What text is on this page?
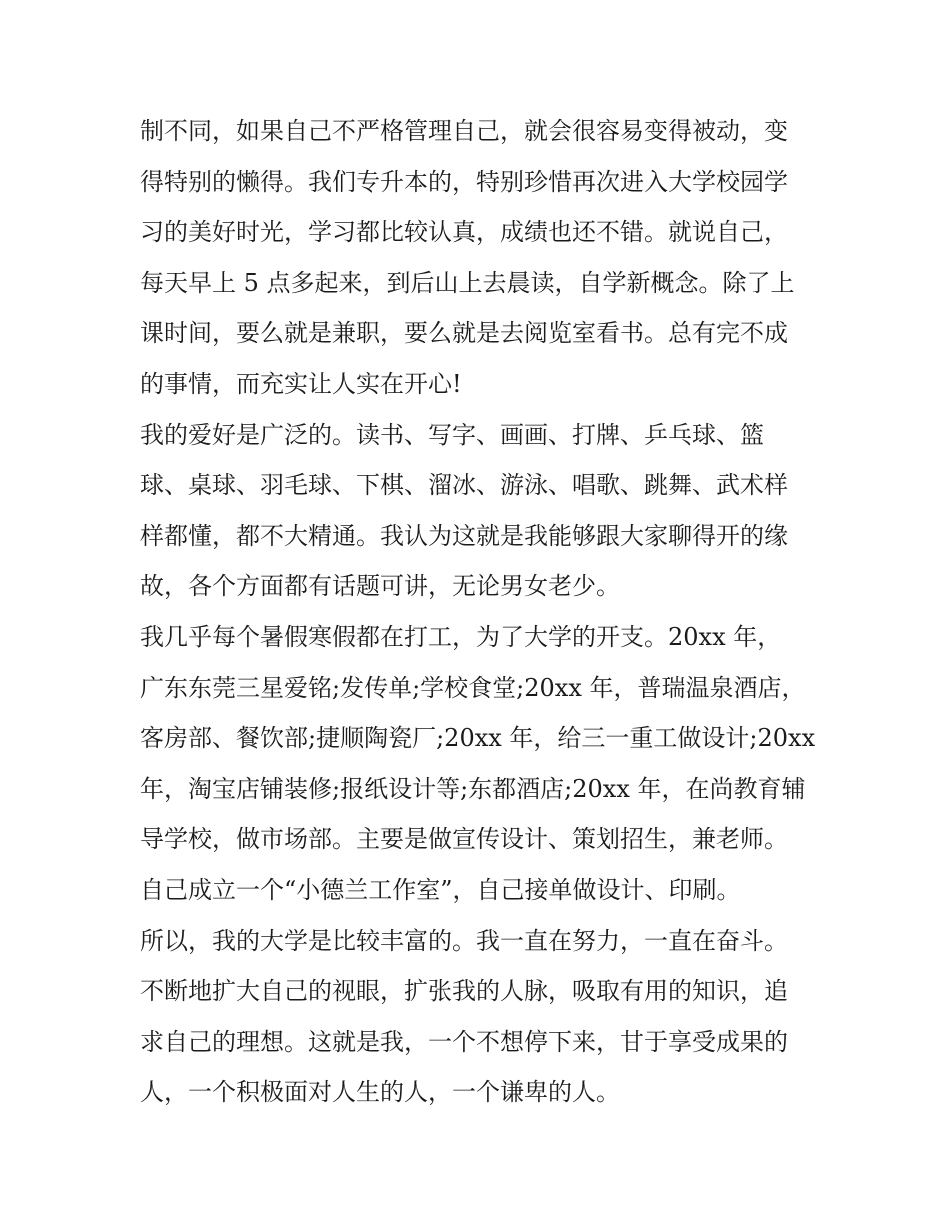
制不同，如果自己不严格管理自己，就会很容易变得被动，变
得特别的懒得。我们专升本的，特别珍惜再次进入大学校园学
习的美好时光，学习都比较认真，成绩也还不错。就说自己，
每天早上 5 点多起来，到后山上去晨读，自学新概念。除了上
课时间，要么就是兼职，要么就是去阅览室看书。总有完不成
的事情，而充实让人实在开心!
我的爱好是广泛的。读书、写字、画画、打牌、乒乓球、篮
球、桌球、羽毛球、下棋、溜冰、游泳、唱歌、跳舞、武术样
样都懂，都不大精通。我认为这就是我能够跟大家聊得开的缘
故，各个方面都有话题可讲，无论男女老少。
我几乎每个暑假寒假都在打工，为了大学的开支。20xx 年，
广东东莞三星爱铭;发传单;学校食堂;20xx 年，普瑞温泉酒店，
客房部、餐饮部;捷顺陶瓷厂;20xx 年，给三一重工做设计;20xx
年，淘宝店铺装修;报纸设计等;东都酒店;20xx 年，在尚教育辅
导学校，做市场部。主要是做宣传设计、策划招生，兼老师。
自己成立一个“小德兰工作室”，自己接单做设计、印刷。
所以，我的大学是比较丰富的。我一直在努力，一直在奋斗。
不断地扩大自己的视眼，扩张我的人脉，吸取有用的知识，追
求自己的理想。这就是我，一个不想停下来，甘于享受成果的
人，一个积极面对人生的人，一个谦卑的人。
